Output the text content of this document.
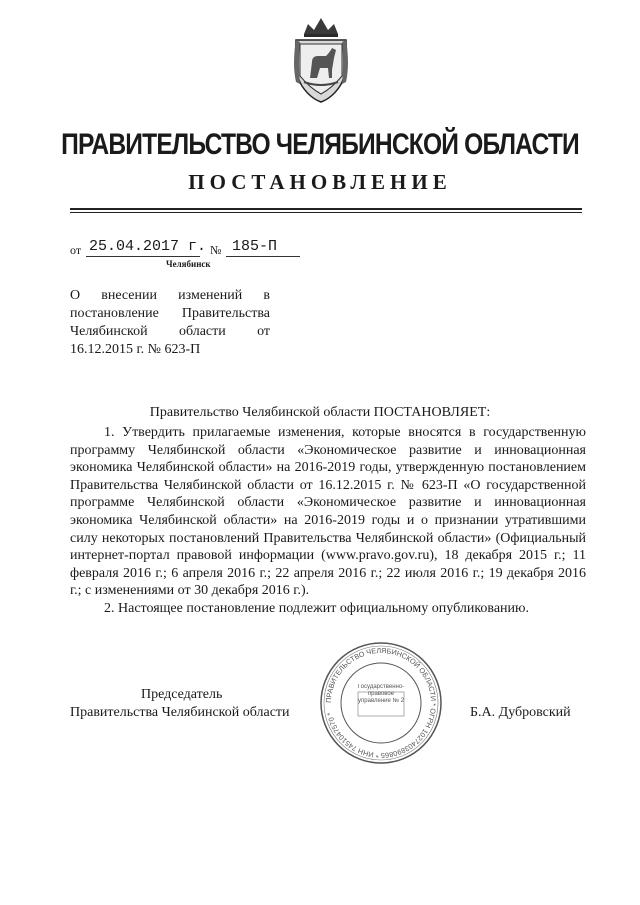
ПРАВИТЕЛЬСТВО ЧЕЛЯБИНСКОЙ ОБЛАСТИ
ПОСТАНОВЛЕНИЕ
от 25.04.2017 г. № 185-П
Челябинск
О внесении изменений в постановление Правительства Челябинской области от 16.12.2015 г. № 623-П
Правительство Челябинской области ПОСТАНОВЛЯЕТ:

1. Утвердить прилагаемые изменения, которые вносятся в государственную программу Челябинской области «Экономическое развитие и инновационная экономика Челябинской области» на 2016-2019 годы, утвержденную постановлением Правительства Челябинской области от 16.12.2015 г. № 623-П «О государственной программе Челябинской области «Экономическое развитие и инновационная экономика Челябинской области» на 2016-2019 годы и о признании утратившими силу некоторых постановлений Правительства Челябинской области» (Официальный интернет-портал правовой информации (www.pravo.gov.ru), 18 декабря 2015 г.; 11 февраля 2016 г.; 6 апреля 2016 г.; 22 апреля 2016 г.; 22 июля 2016 г.; 19 декабря 2016 г.; с изменениями от 30 декабря 2016 г.).

2. Настоящее постановление подлежит официальному опубликованию.

ПРАВИТЕЛЬСТВО ЧЕЛЯБИНСКОЙ ОБЛАСТИ * ОГРН 1027403890865 * ИНН 7451047570 *
Государственно-правовое управление № 2
Председатель
Правительства Челябинской области	Б.А. Дубровский
